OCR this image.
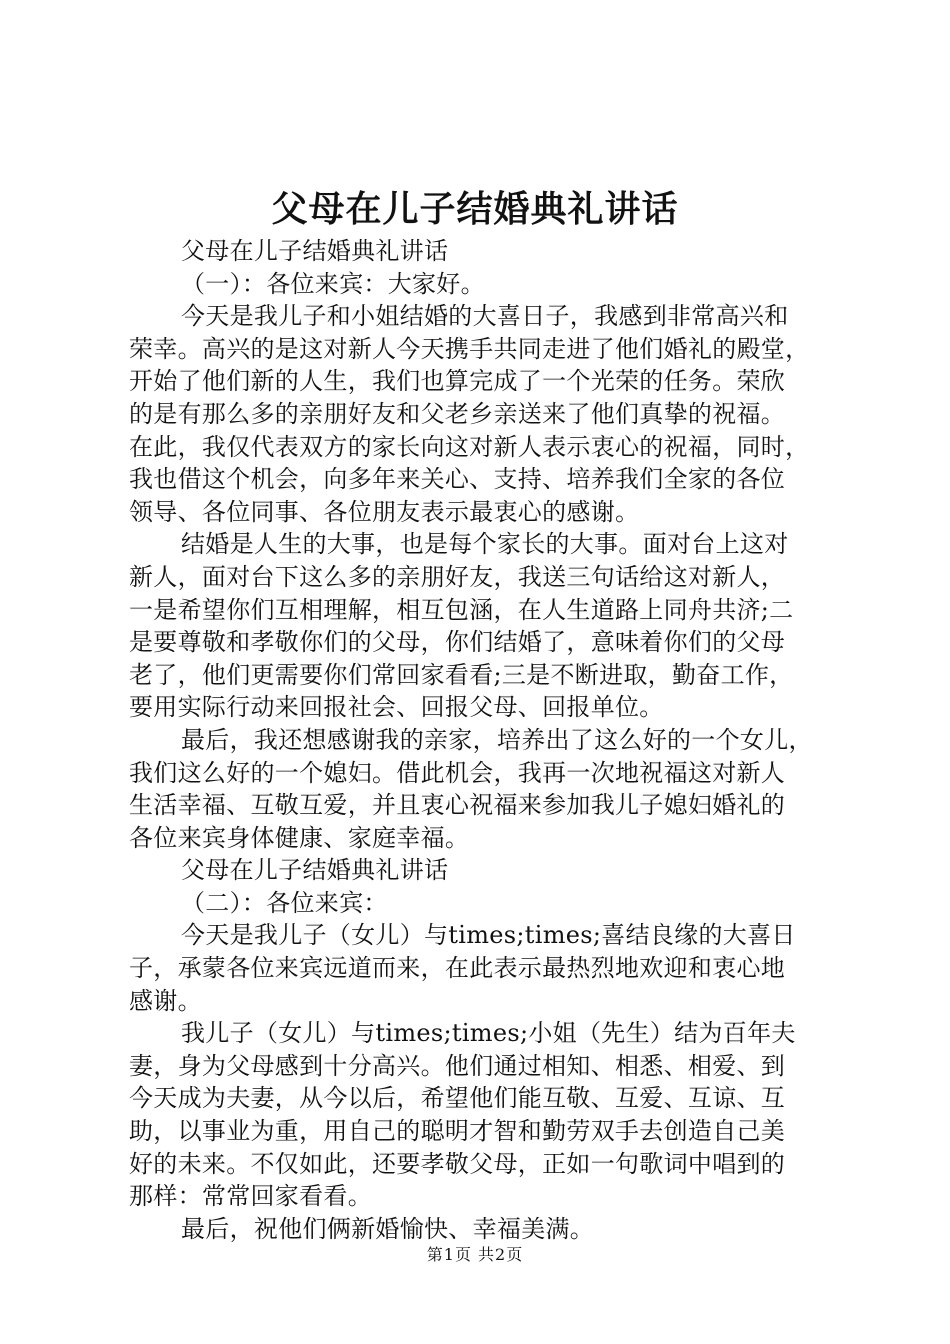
父母在儿子结婚典礼讲话
父母在儿子结婚典礼讲话
（一）：各位来宾：大家好。
今天是我儿子和小姐结婚的大喜日子，我感到非常高兴和
荣幸。高兴的是这对新人今天携手共同走进了他们婚礼的殿堂，
开始了他们新的人生，我们也算完成了一个光荣的任务。荣欣
的是有那么多的亲朋好友和父老乡亲送来了他们真挚的祝福。
在此，我仅代表双方的家长向这对新人表示衷心的祝福，同时，
我也借这个机会，向多年来关心、支持、培养我们全家的各位
领导、各位同事、各位朋友表示最衷心的感谢。
结婚是人生的大事，也是每个家长的大事。面对台上这对
新人，面对台下这么多的亲朋好友，我送三句话给这对新人，
一是希望你们互相理解，相互包涵，在人生道路上同舟共济;二
是要尊敬和孝敬你们的父母，你们结婚了，意味着你们的父母
老了，他们更需要你们常回家看看;三是不断进取，勤奋工作，
要用实际行动来回报社会、回报父母、回报单位。
最后，我还想感谢我的亲家，培养出了这么好的一个女儿，
我们这么好的一个媳妇。借此机会，我再一次地祝福这对新人
生活幸福、互敬互爱，并且衷心祝福来参加我儿子媳妇婚礼的
各位来宾身体健康、家庭幸福。
父母在儿子结婚典礼讲话
（二）：各位来宾：
今天是我儿子（女儿）与times;times;喜结良缘的大喜日
子，承蒙各位来宾远道而来，在此表示最热烈地欢迎和衷心地
感谢。
我儿子（女儿）与times;times;小姐（先生）结为百年夫
妻，身为父母感到十分高兴。他们通过相知、相悉、相爱、到
今天成为夫妻，从今以后，希望他们能互敬、互爱、互谅、互
助，以事业为重，用自己的聪明才智和勤劳双手去创造自己美
好的未来。不仅如此，还要孝敬父母，正如一句歌词中唱到的
那样：常常回家看看。
最后，祝他们俩新婚愉快、幸福美满。
第1页 共2页
